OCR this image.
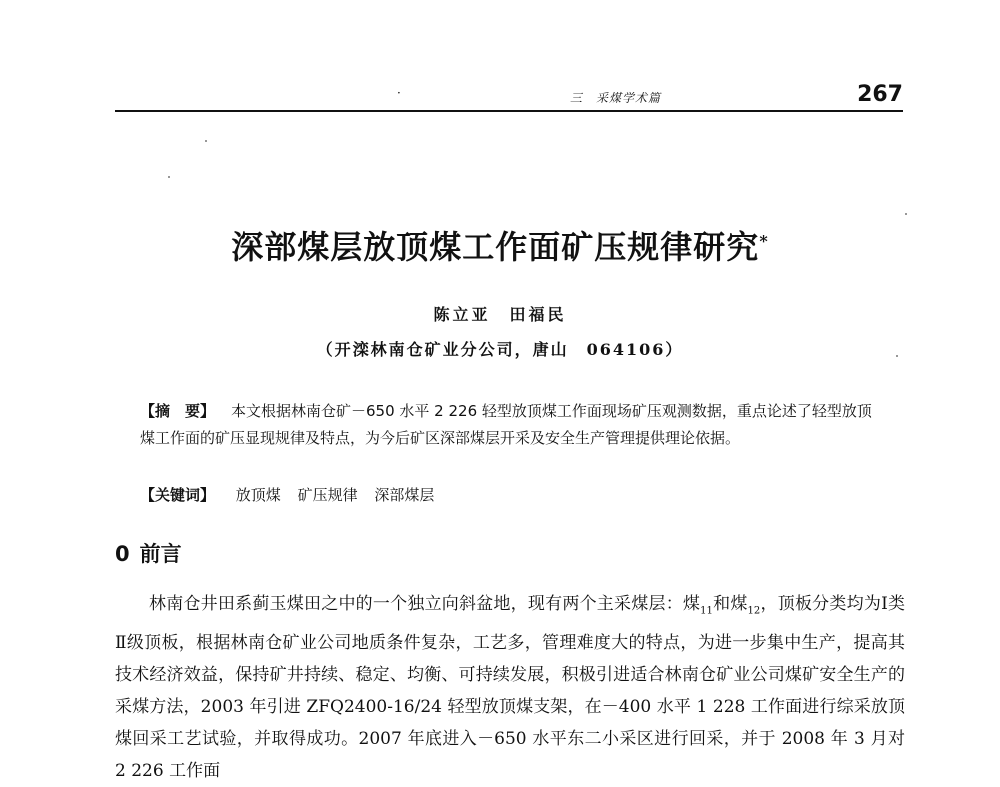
·	三　采煤学术篇	267
深部煤层放顶煤工作面矿压规律研究*
陈立亚　田福民
（开滦林南仓矿业分公司，唐山　064106）
【摘　要】 本文根据林南仓矿－650 水平 2 226 轻型放顶煤工作面现场矿压观测数据，重点论述了轻型放顶煤工作面的矿压显现规律及特点，为今后矿区深部煤层开采及安全生产管理提供理论依据。
【关键词】 放顶煤 矿压规律 深部煤层
0 前言
林南仓井田系蓟玉煤田之中的一个独立向斜盆地，现有两个主采煤层：煤$_{11}$和煤$_{12}$，顶板分类均为Ⅰ类Ⅱ级顶板，根据林南仓矿业公司地质条件复杂，工艺多，管理难度大的特点，为进一步集中生产，提高其技术经济效益，保持矿井持续、稳定、均衡、可持续发展，积极引进适合林南仓矿业公司煤矿安全生产的采煤方法，2003 年引进 ZFQ2400-16/24 轻型放顶煤支架，在－400 水平 1 228 工作面进行综采放顶煤回采工艺试验，并取得成功。2007 年底进入－650 水平东二小采区进行回采，并于 2008 年 3 月对 2 226 工作面
